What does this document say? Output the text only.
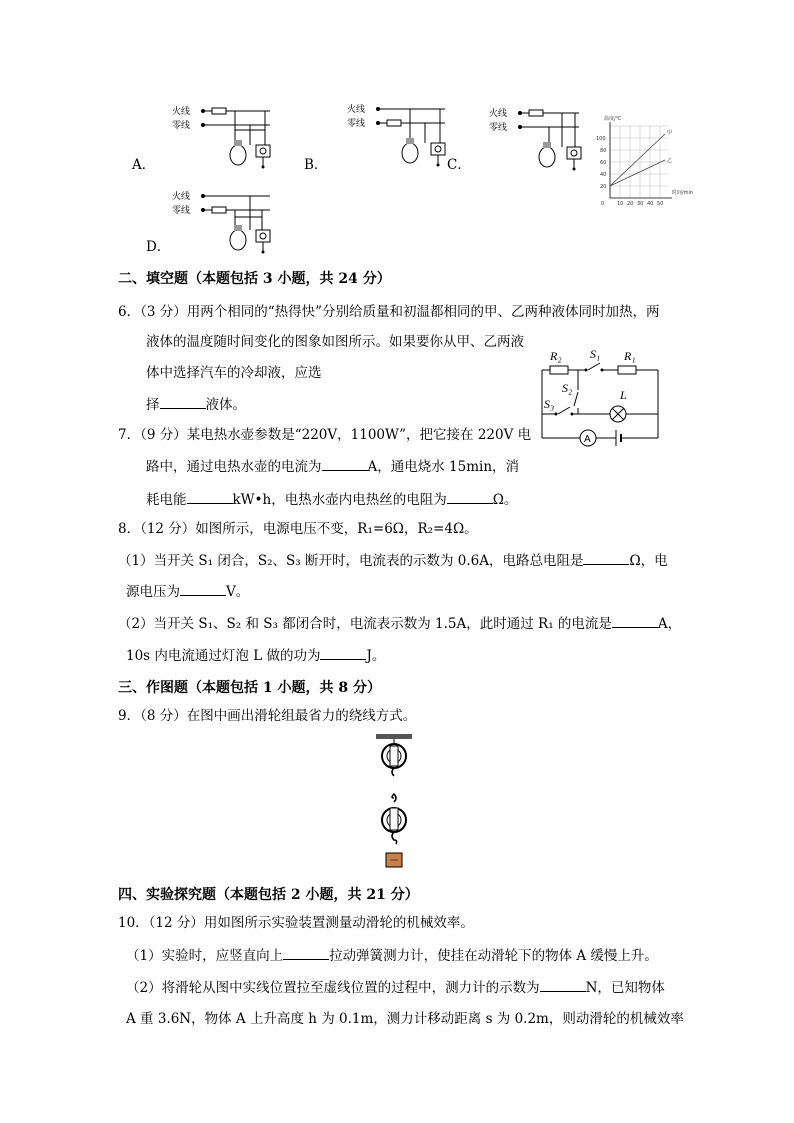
火线
零线
A．
火线
零线
B．	C．
火线
零线
火线
零线
D．
温度/℃
甲
乙
100
80
60
40
20
0	10 20 30 40 50
时间/min
二、填空题（本题包括 3 小题，共 24 分）
6．（3 分）用两个相同的“热得快”分别给质量和初温都相同的甲、乙两种液体同时加热，两
液体的温度随时间变化的图象如图所示。如果要你从甲、乙两液
体中选择汽车的冷却液，应选
择	液体。
R₂ S₁ R₁
S₂
S₃
L
A
7．（9 分）某电热水壶参数是“220V，1100W”，把它接在 220V 电
路中，通过电热水壶的电流为	A，通电烧水 15min，消
耗电能	kW•h，电热水壶内电热丝的电阻为	Ω。
8．（12 分）如图所示，电源电压不变，R₁=6Ω，R₂=4Ω。
（1）当开关 S₁ 闭合，S₂、S₃ 断开时，电流表的示数为 0.6A，电路总电阻是	Ω，电
源电压为	V。
（2）当开关 S₁、S₂ 和 S₃ 都闭合时，电流表示数为 1.5A，此时通过 R₁ 的电流是	A，
10s 内电流通过灯泡 L 做的功为	J。
三、作图题（本题包括 1 小题，共 8 分）
9．（8 分）在图中画出滑轮组最省力的绕线方式。
四、实验探究题（本题包括 2 小题，共 21 分）
10．（12 分）用如图所示实验装置测量动滑轮的机械效率。
（1）实验时，应竖直向上	拉动弹簧测力计，使挂在动滑轮下的物体 A 缓慢上升。
（2）将滑轮从图中实线位置拉至虚线位置的过程中，测力计的示数为	N，已知物体
A 重 3.6N，物体 A 上升高度 h 为 0.1m，测力计移动距离 s 为 0.2m，则动滑轮的机械效率
